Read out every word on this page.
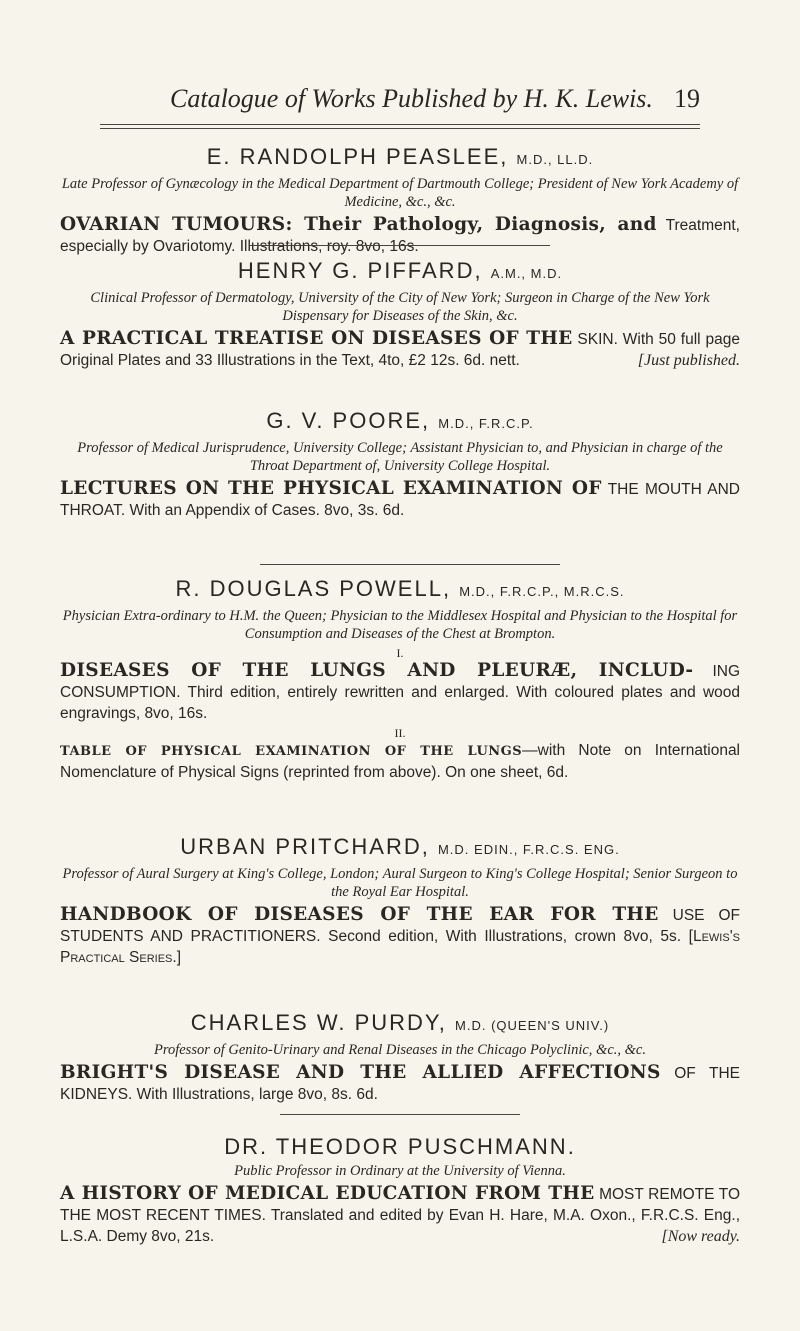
Catalogue of Works Published by H. K. Lewis. 19

E. RANDOLPH PEASLEE, M.D., LL.D.

Late Professor of Gynæcology in the Medical Department of Dartmouth College; President of New York Academy of Medicine, &c., &c.

OVARIAN TUMOURS: Their Pathology, Diagnosis, and Treatment, especially by Ovariotomy. Illustrations, roy. 8vo, 16s.

HENRY G. PIFFARD, A.M., M.D.

Clinical Professor of Dermatology, University of the City of New York; Surgeon in Charge of the New York Dispensary for Diseases of the Skin, &c.

A PRACTICAL TREATISE ON DISEASES OF THE SKIN. With 50 full page Original Plates and 33 Illustrations in the Text, 4to, £2 12s. 6d. nett.	[Just published.

G. V. POORE, M.D., F.R.C.P.

Professor of Medical Jurisprudence, University College; Assistant Physician to, and Physician in charge of the Throat Department of, University College Hospital.

LECTURES ON THE PHYSICAL EXAMINATION OF THE MOUTH AND THROAT. With an Appendix of Cases. 8vo, 3s. 6d.

R. DOUGLAS POWELL, M.D., F.R.C.P., M.R.C.S.

Physician Extra-ordinary to H.M. the Queen; Physician to the Middlesex Hospital and Physician to the Hospital for Consumption and Diseases of the Chest at Brompton.

I.

DISEASES OF THE LUNGS AND PLEURÆ, INCLUD- ING CONSUMPTION. Third edition, entirely rewritten and enlarged. With coloured plates and wood engravings, 8vo, 16s.

II.

TABLE OF PHYSICAL EXAMINATION OF THE LUNGS—with Note on International Nomenclature of Physical Signs (reprinted from above). On one sheet, 6d.

URBAN PRITCHARD, M.D. EDIN., F.R.C.S. ENG.

Professor of Aural Surgery at King's College, London; Aural Surgeon to King's College Hospital; Senior Surgeon to the Royal Ear Hospital.

HANDBOOK OF DISEASES OF THE EAR FOR THE USE OF STUDENTS AND PRACTITIONERS. Second edition, With Illustrations, crown 8vo, 5s. [Lewis's Practical Series.]

CHARLES W. PURDY, M.D. (QUEEN'S UNIV.)

Professor of Genito-Urinary and Renal Diseases in the Chicago Polyclinic, &c., &c.

BRIGHT'S DISEASE AND THE ALLIED AFFECTIONS OF THE KIDNEYS. With Illustrations, large 8vo, 8s. 6d.

DR. THEODOR PUSCHMANN.

Public Professor in Ordinary at the University of Vienna.

A HISTORY OF MEDICAL EDUCATION FROM THE MOST REMOTE TO THE MOST RECENT TIMES. Translated and edited by Evan H. Hare, M.A. Oxon., F.R.C.S. Eng., L.S.A. Demy 8vo, 21s.	[Now ready.
